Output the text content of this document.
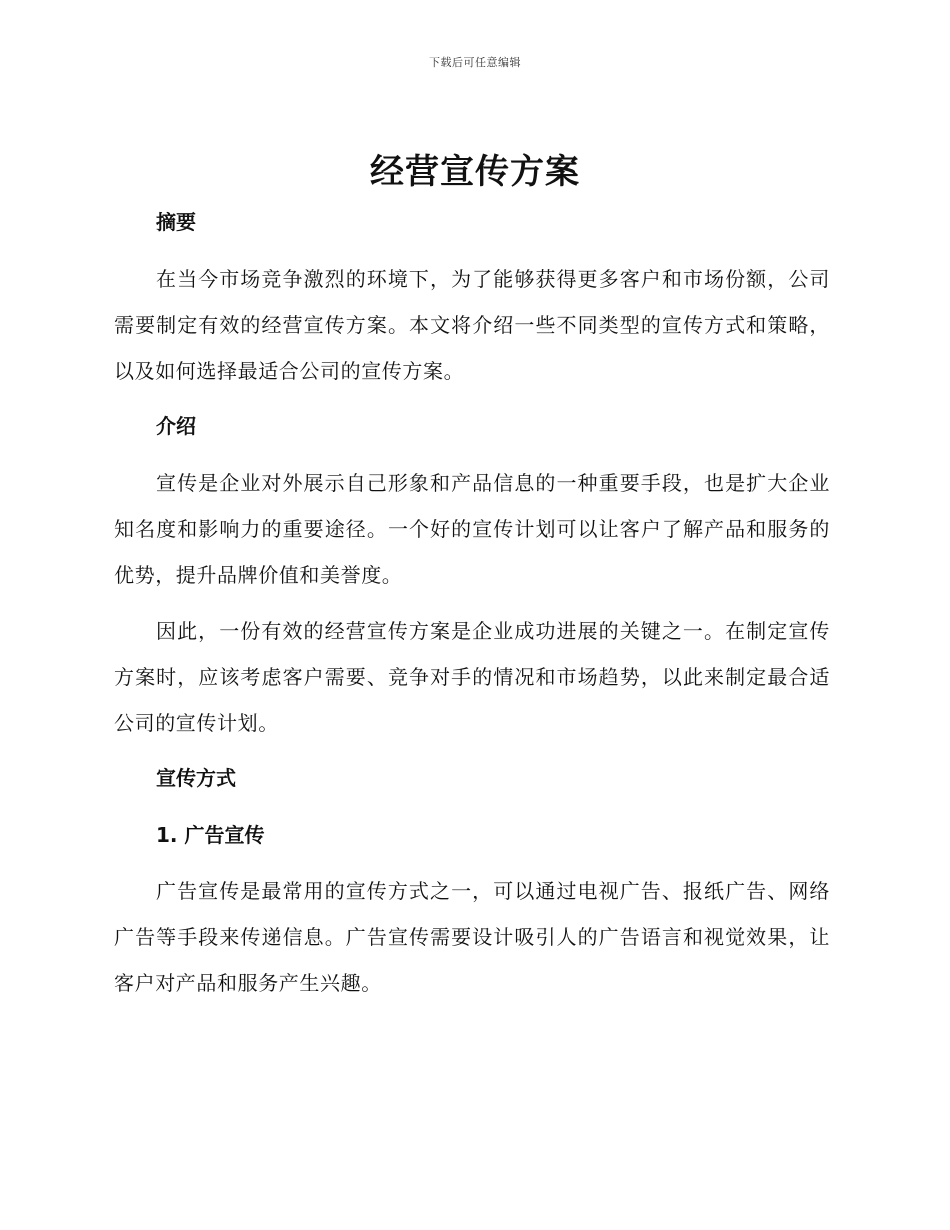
下载后可任意编辑
经营宣传方案
摘要
在当今市场竞争激烈的环境下，为了能够获得更多客户和市场份额，公司需要制定有效的经营宣传方案。本文将介绍一些不同类型的宣传方式和策略，以及如何选择最适合公司的宣传方案。
介绍
宣传是企业对外展示自己形象和产品信息的一种重要手段，也是扩大企业知名度和影响力的重要途径。一个好的宣传计划可以让客户了解产品和服务的优势，提升品牌价值和美誉度。
因此，一份有效的经营宣传方案是企业成功进展的关键之一。在制定宣传方案时，应该考虑客户需要、竞争对手的情况和市场趋势，以此来制定最合适公司的宣传计划。
宣传方式
1. 广告宣传
广告宣传是最常用的宣传方式之一，可以通过电视广告、报纸广告、网络广告等手段来传递信息。广告宣传需要设计吸引人的广告语言和视觉效果，让客户对产品和服务产生兴趣。
